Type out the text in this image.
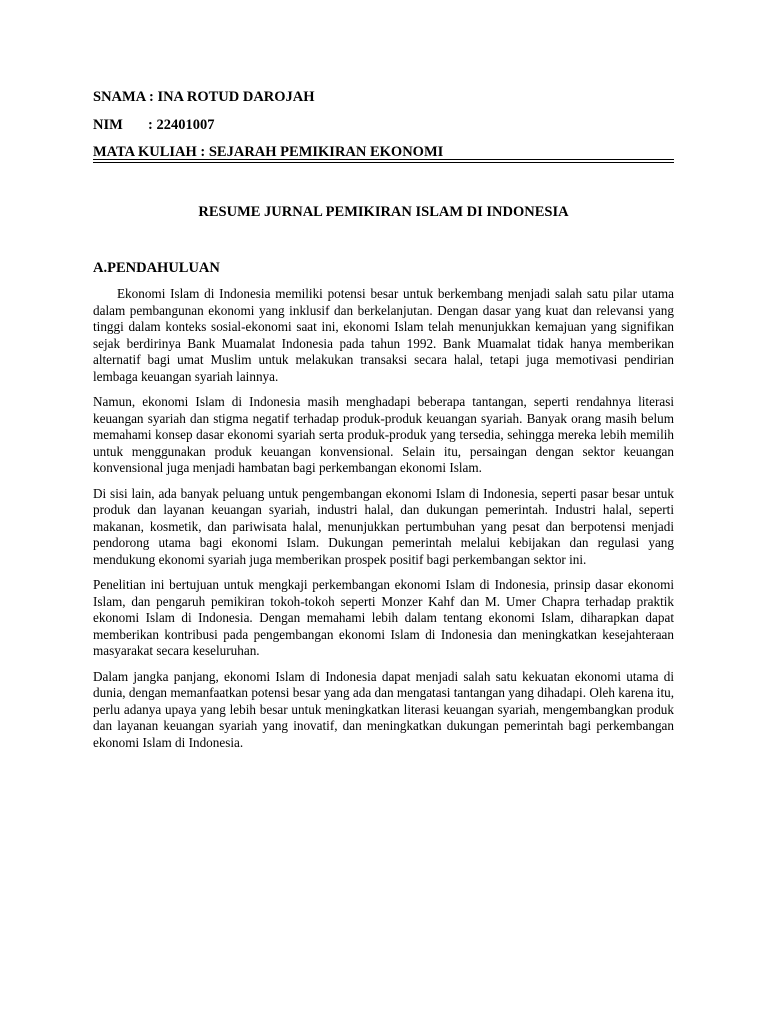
SNAMA : INA ROTUD DAROJAH
NIM : 22401007
MATA KULIAH : SEJARAH PEMIKIRAN EKONOMI
RESUME JURNAL PEMIKIRAN ISLAM DI INDONESIA
A.PENDAHULUAN

Ekonomi Islam di Indonesia memiliki potensi besar untuk berkembang menjadi salah satu pilar utama dalam pembangunan ekonomi yang inklusif dan berkelanjutan. Dengan dasar yang kuat dan relevansi yang tinggi dalam konteks sosial-ekonomi saat ini, ekonomi Islam telah menunjukkan kemajuan yang signifikan sejak berdirinya Bank Muamalat Indonesia pada tahun 1992. Bank Muamalat tidak hanya memberikan alternatif bagi umat Muslim untuk melakukan transaksi secara halal, tetapi juga memotivasi pendirian lembaga keuangan syariah lainnya.

Namun, ekonomi Islam di Indonesia masih menghadapi beberapa tantangan, seperti rendahnya literasi keuangan syariah dan stigma negatif terhadap produk-produk keuangan syariah. Banyak orang masih belum memahami konsep dasar ekonomi syariah serta produk-produk yang tersedia, sehingga mereka lebih memilih untuk menggunakan produk keuangan konvensional. Selain itu, persaingan dengan sektor keuangan konvensional juga menjadi hambatan bagi perkembangan ekonomi Islam.

Di sisi lain, ada banyak peluang untuk pengembangan ekonomi Islam di Indonesia, seperti pasar besar untuk produk dan layanan keuangan syariah, industri halal, dan dukungan pemerintah. Industri halal, seperti makanan, kosmetik, dan pariwisata halal, menunjukkan pertumbuhan yang pesat dan berpotensi menjadi pendorong utama bagi ekonomi Islam. Dukungan pemerintah melalui kebijakan dan regulasi yang mendukung ekonomi syariah juga memberikan prospek positif bagi perkembangan sektor ini.

Penelitian ini bertujuan untuk mengkaji perkembangan ekonomi Islam di Indonesia, prinsip dasar ekonomi Islam, dan pengaruh pemikiran tokoh-tokoh seperti Monzer Kahf dan M. Umer Chapra terhadap praktik ekonomi Islam di Indonesia. Dengan memahami lebih dalam tentang ekonomi Islam, diharapkan dapat memberikan kontribusi pada pengembangan ekonomi Islam di Indonesia dan meningkatkan kesejahteraan masyarakat secara keseluruhan.

Dalam jangka panjang, ekonomi Islam di Indonesia dapat menjadi salah satu kekuatan ekonomi utama di dunia, dengan memanfaatkan potensi besar yang ada dan mengatasi tantangan yang dihadapi. Oleh karena itu, perlu adanya upaya yang lebih besar untuk meningkatkan literasi keuangan syariah, mengembangkan produk dan layanan keuangan syariah yang inovatif, dan meningkatkan dukungan pemerintah bagi perkembangan ekonomi Islam di Indonesia.
